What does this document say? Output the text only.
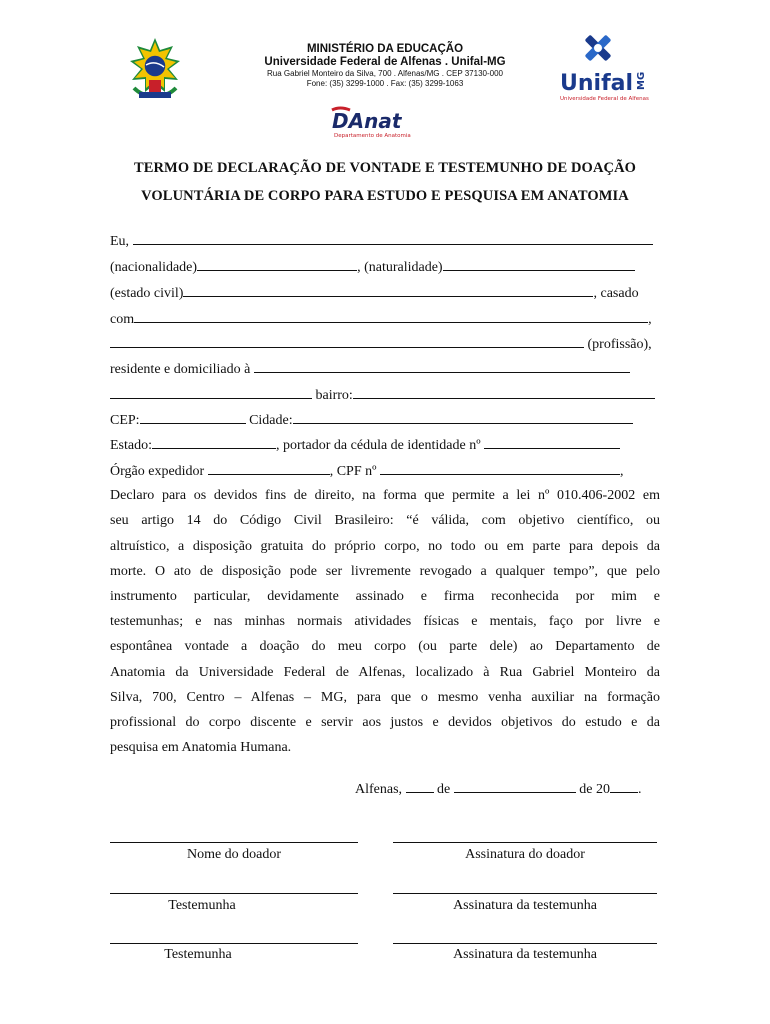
MINISTÉRIO DA EDUCAÇÃO
Universidade Federal de Alfenas . Unifal-MG
Rua Gabriel Monteiro da Silva, 700 . Alfenas/MG . CEP 37130-000
Fone: (35) 3299-1000 . Fax: (35) 3299-1063	Unifal MG
Universidade Federal de Alfenas
DAnat
Departamento de Anatomia
TERMO DE DECLARAÇÃO DE VONTADE E TESTEMUNHO DE DOAÇÃO
VOLUNTÁRIA DE CORPO PARA ESTUDO E PESQUISA EM ANATOMIA
Eu,
(nacionalidade)	, (naturalidade)
(estado civil)	, casado
com	,
(profissão),
residente e domiciliado à
bairro:
CEP:	Cidade:
Estado:	, portador da cédula de identidade nº
Órgão expedidor	, CPF nº	,
Declaro para os devidos fins de direito, na forma que permite a lei nº 010.406-2002 em
seu artigo 14 do Código Civil Brasileiro: “é válida, com objetivo científico, ou
altruístico, a disposição gratuita do próprio corpo, no todo ou em parte para depois da
morte. O ato de disposição pode ser livremente revogado a qualquer tempo”, que pelo
instrumento particular, devidamente assinado e firma reconhecida por mim e
testemunhas; e nas minhas normais atividades físicas e mentais, faço por livre e
espontânea vontade a doação do meu corpo (ou parte dele) ao Departamento de
Anatomia da Universidade Federal de Alfenas, localizado à Rua Gabriel Monteiro da
Silva, 700, Centro – Alfenas – MG, para que o mesmo venha auxiliar na formação
profissional do corpo discente e servir aos justos e devidos objetivos do estudo e da
pesquisa em Anatomia Humana.
Alfenas,  de	de 20 .
Nome do doador	Assinatura do doador
Testemunha	Assinatura da testemunha
Testemunha	Assinatura da testemunha
